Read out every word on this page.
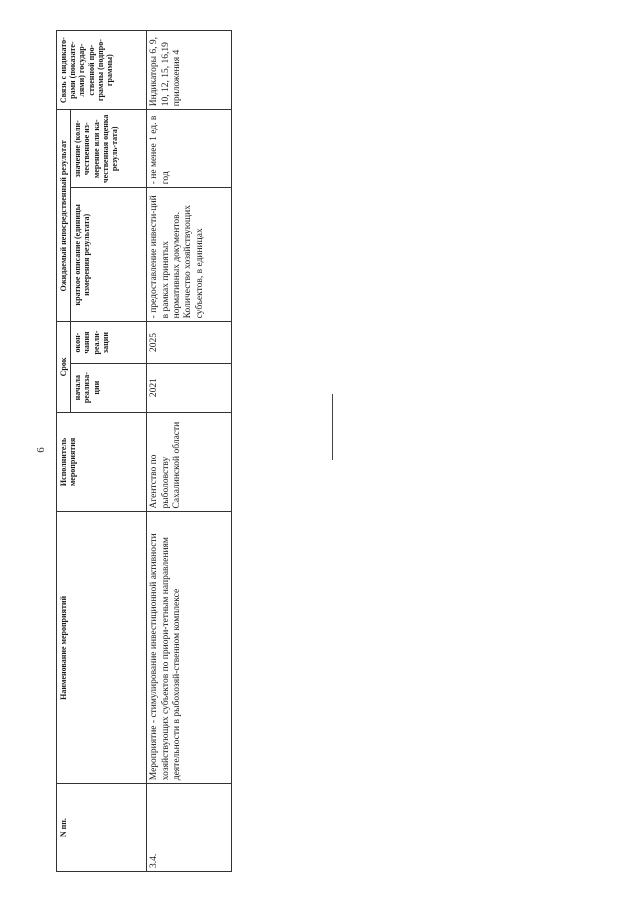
6
N пп.	Наименование мероприятий	Исполнитель мероприятия	Срок		Ожидаемый непосредственный результат		Связь с индикато-рами (показате-лями) государ-ственной про-граммы (подпро-граммы)
			начала реализа-ции	окон-чания реали-зации	краткое описание (единицы измерения результата)	значение (коли-чественное из-мерение или ка-чественная оценка резуль-тата)	
3.4.	Мероприятие - стимулирование инвестиционной активности хозяйствующих субъектов по приори-тетным направлениям деятельности в рыбохозяй-ственном комплексе	Агентство по рыболовству Сахалинской области	2021	2025	- предоставление инвести-ций в рамках принятых нормативных документов. Количество хозяйствующих субъектов, в единицах	- не менее 1 ед. в год	Индикаторы 6, 9, 10, 12, 15, 16,19 приложения 4
